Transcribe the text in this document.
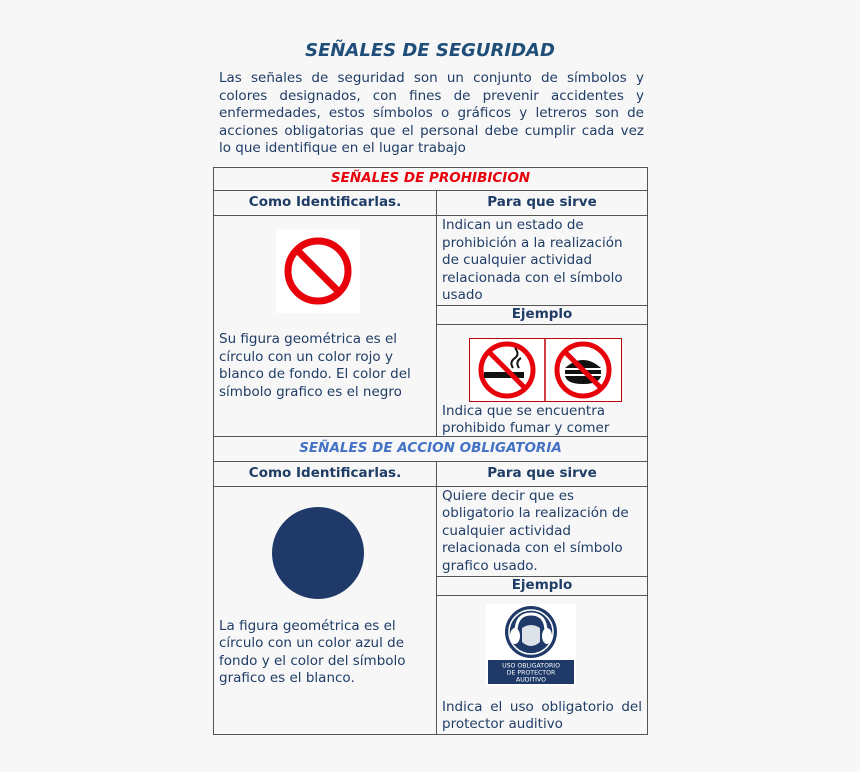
SEÑALES DE SEGURIDAD
Las señales de seguridad son un conjunto de símbolos y colores designados, con fines de prevenir accidentes y enfermedades, estos símbolos o gráficos y letreros son de acciones obligatorias que el personal debe cumplir cada vez lo que identifique en el lugar trabajo
SEÑALES DE PROHIBICION	
Como Identificarlas.	Para que sirve

Su figura geométrica es el círculo con un color rojo y blanco de fondo. El color del símbolo grafico es el negro	Indican un estado de prohibición a la realización de cualquier actividad relacionada con el símbolo usado
	Ejemplo

	Indica que se encuentra prohibido fumar y comer

SEÑALES DE ACCION OBLIGATORIA	
Como Identificarlas.	Para que sirve

La figura geométrica es el círculo con un color azul de fondo y el color del símbolo grafico es el blanco.	Quiere decir que es obligatorio la realización de cualquier actividad relacionada con el símbolo grafico usado.
	Ejemplo

USO OBLIGATORIO
DE PROTECTOR
AUDITIVO
Indica el uso obligatorio del protector auditivo
